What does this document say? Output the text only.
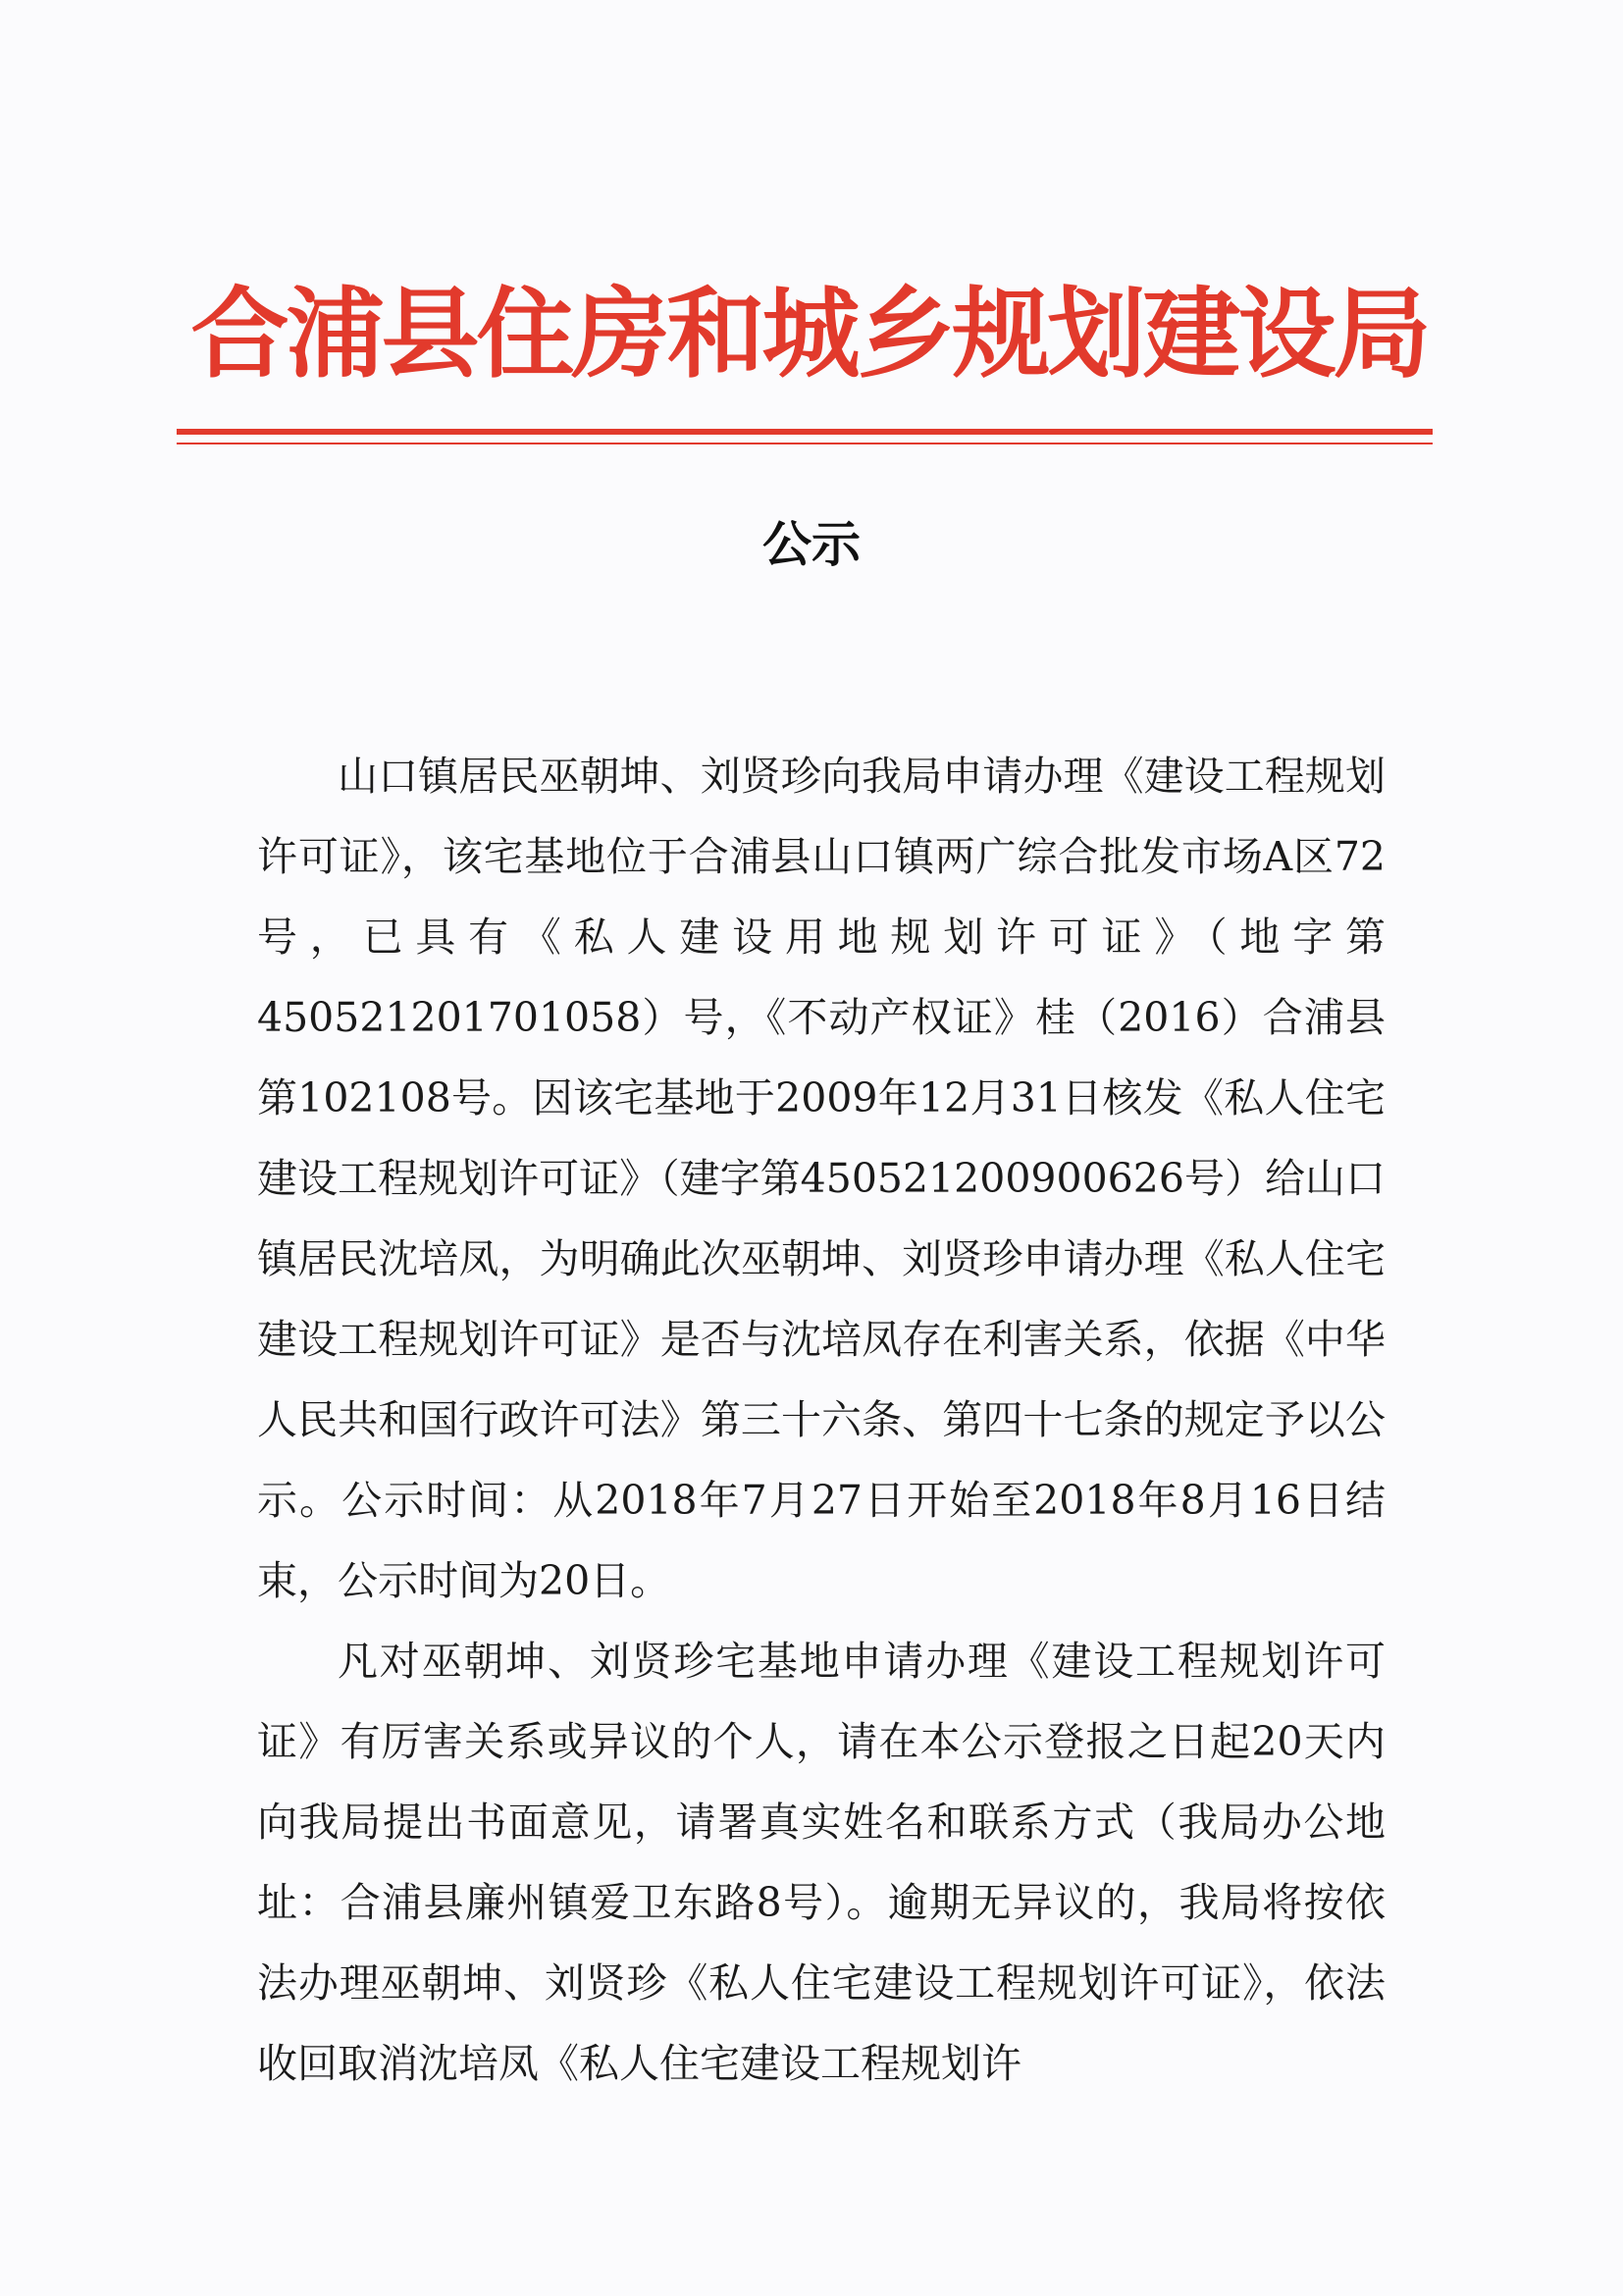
合浦县住房和城乡规划建设局
公示

山口镇居民巫朝坤、刘贤珍向我局申请办理《建设工程规划许可证》，该宅基地位于合浦县山口镇两广综合批发市场A区72号，已具有《私人建设用地规划许可证》（地字第450521201701058）号，《不动产权证》桂（2016）合浦县第102108号。因该宅基地于2009年12月31日核发《私人住宅建设工程规划许可证》（建字第450521200900626号）给山口镇居民沈培凤，为明确此次巫朝坤、刘贤珍申请办理《私人住宅建设工程规划许可证》是否与沈培凤存在利害关系，依据《中华人民共和国行政许可法》第三十六条、第四十七条的规定予以公示。公示时间：从2018年7月27日开始至2018年8月16日结束，公示时间为20日。

凡对巫朝坤、刘贤珍宅基地申请办理《建设工程规划许可证》有厉害关系或异议的个人，请在本公示登报之日起20天内向我局提出书面意见，请署真实姓名和联系方式（我局办公地址：合浦县廉州镇爱卫东路8号）。逾期无异议的，我局将按依法办理巫朝坤、刘贤珍《私人住宅建设工程规划许可证》，依法收回取消沈培凤《私人住宅建设工程规划许
